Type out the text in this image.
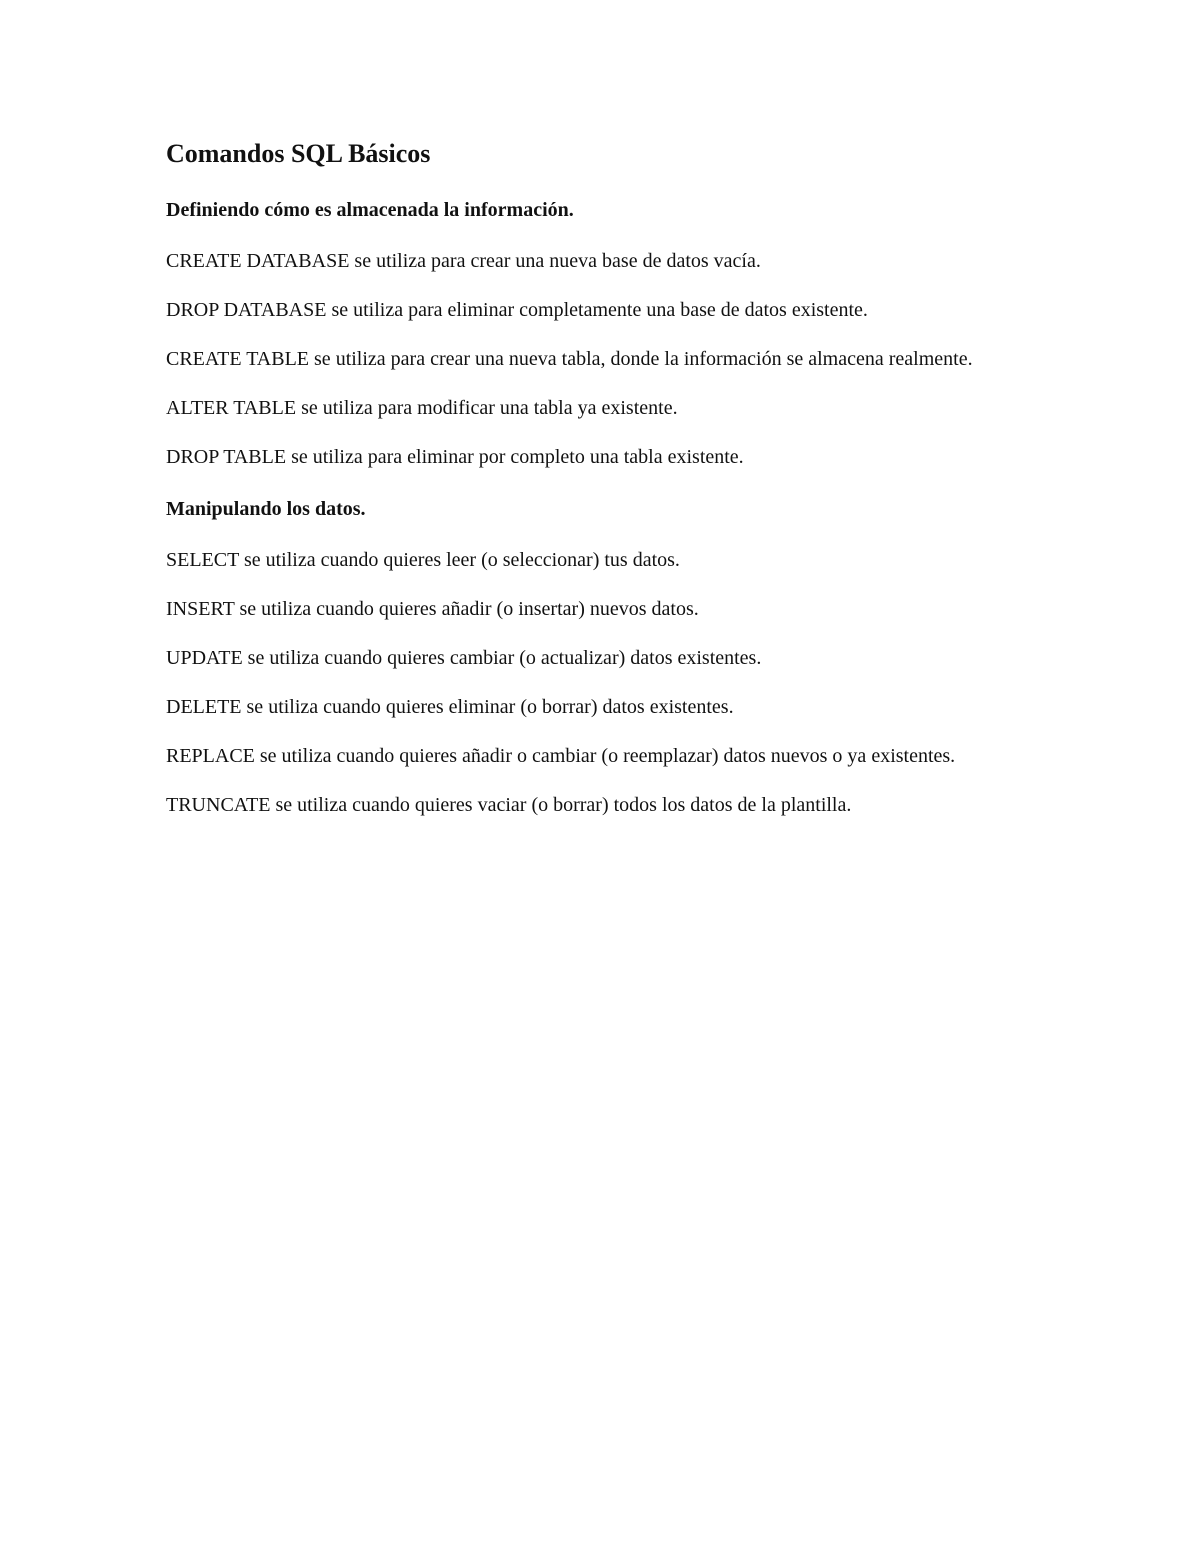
Comandos SQL Básicos
Definiendo cómo es almacenada la información.

CREATE DATABASE se utiliza para crear una nueva base de datos vacía.

DROP DATABASE se utiliza para eliminar completamente una base de datos existente.

CREATE TABLE se utiliza para crear una nueva tabla, donde la información se almacena realmente.

ALTER TABLE se utiliza para modificar una tabla ya existente.

DROP TABLE se utiliza para eliminar por completo una tabla existente.

Manipulando los datos.

SELECT se utiliza cuando quieres leer (o seleccionar) tus datos.

INSERT se utiliza cuando quieres añadir (o insertar) nuevos datos.

UPDATE se utiliza cuando quieres cambiar (o actualizar) datos existentes.

DELETE se utiliza cuando quieres eliminar (o borrar) datos existentes.

REPLACE se utiliza cuando quieres añadir o cambiar (o reemplazar) datos nuevos o ya existentes.

TRUNCATE se utiliza cuando quieres vaciar (o borrar) todos los datos de la plantilla.
